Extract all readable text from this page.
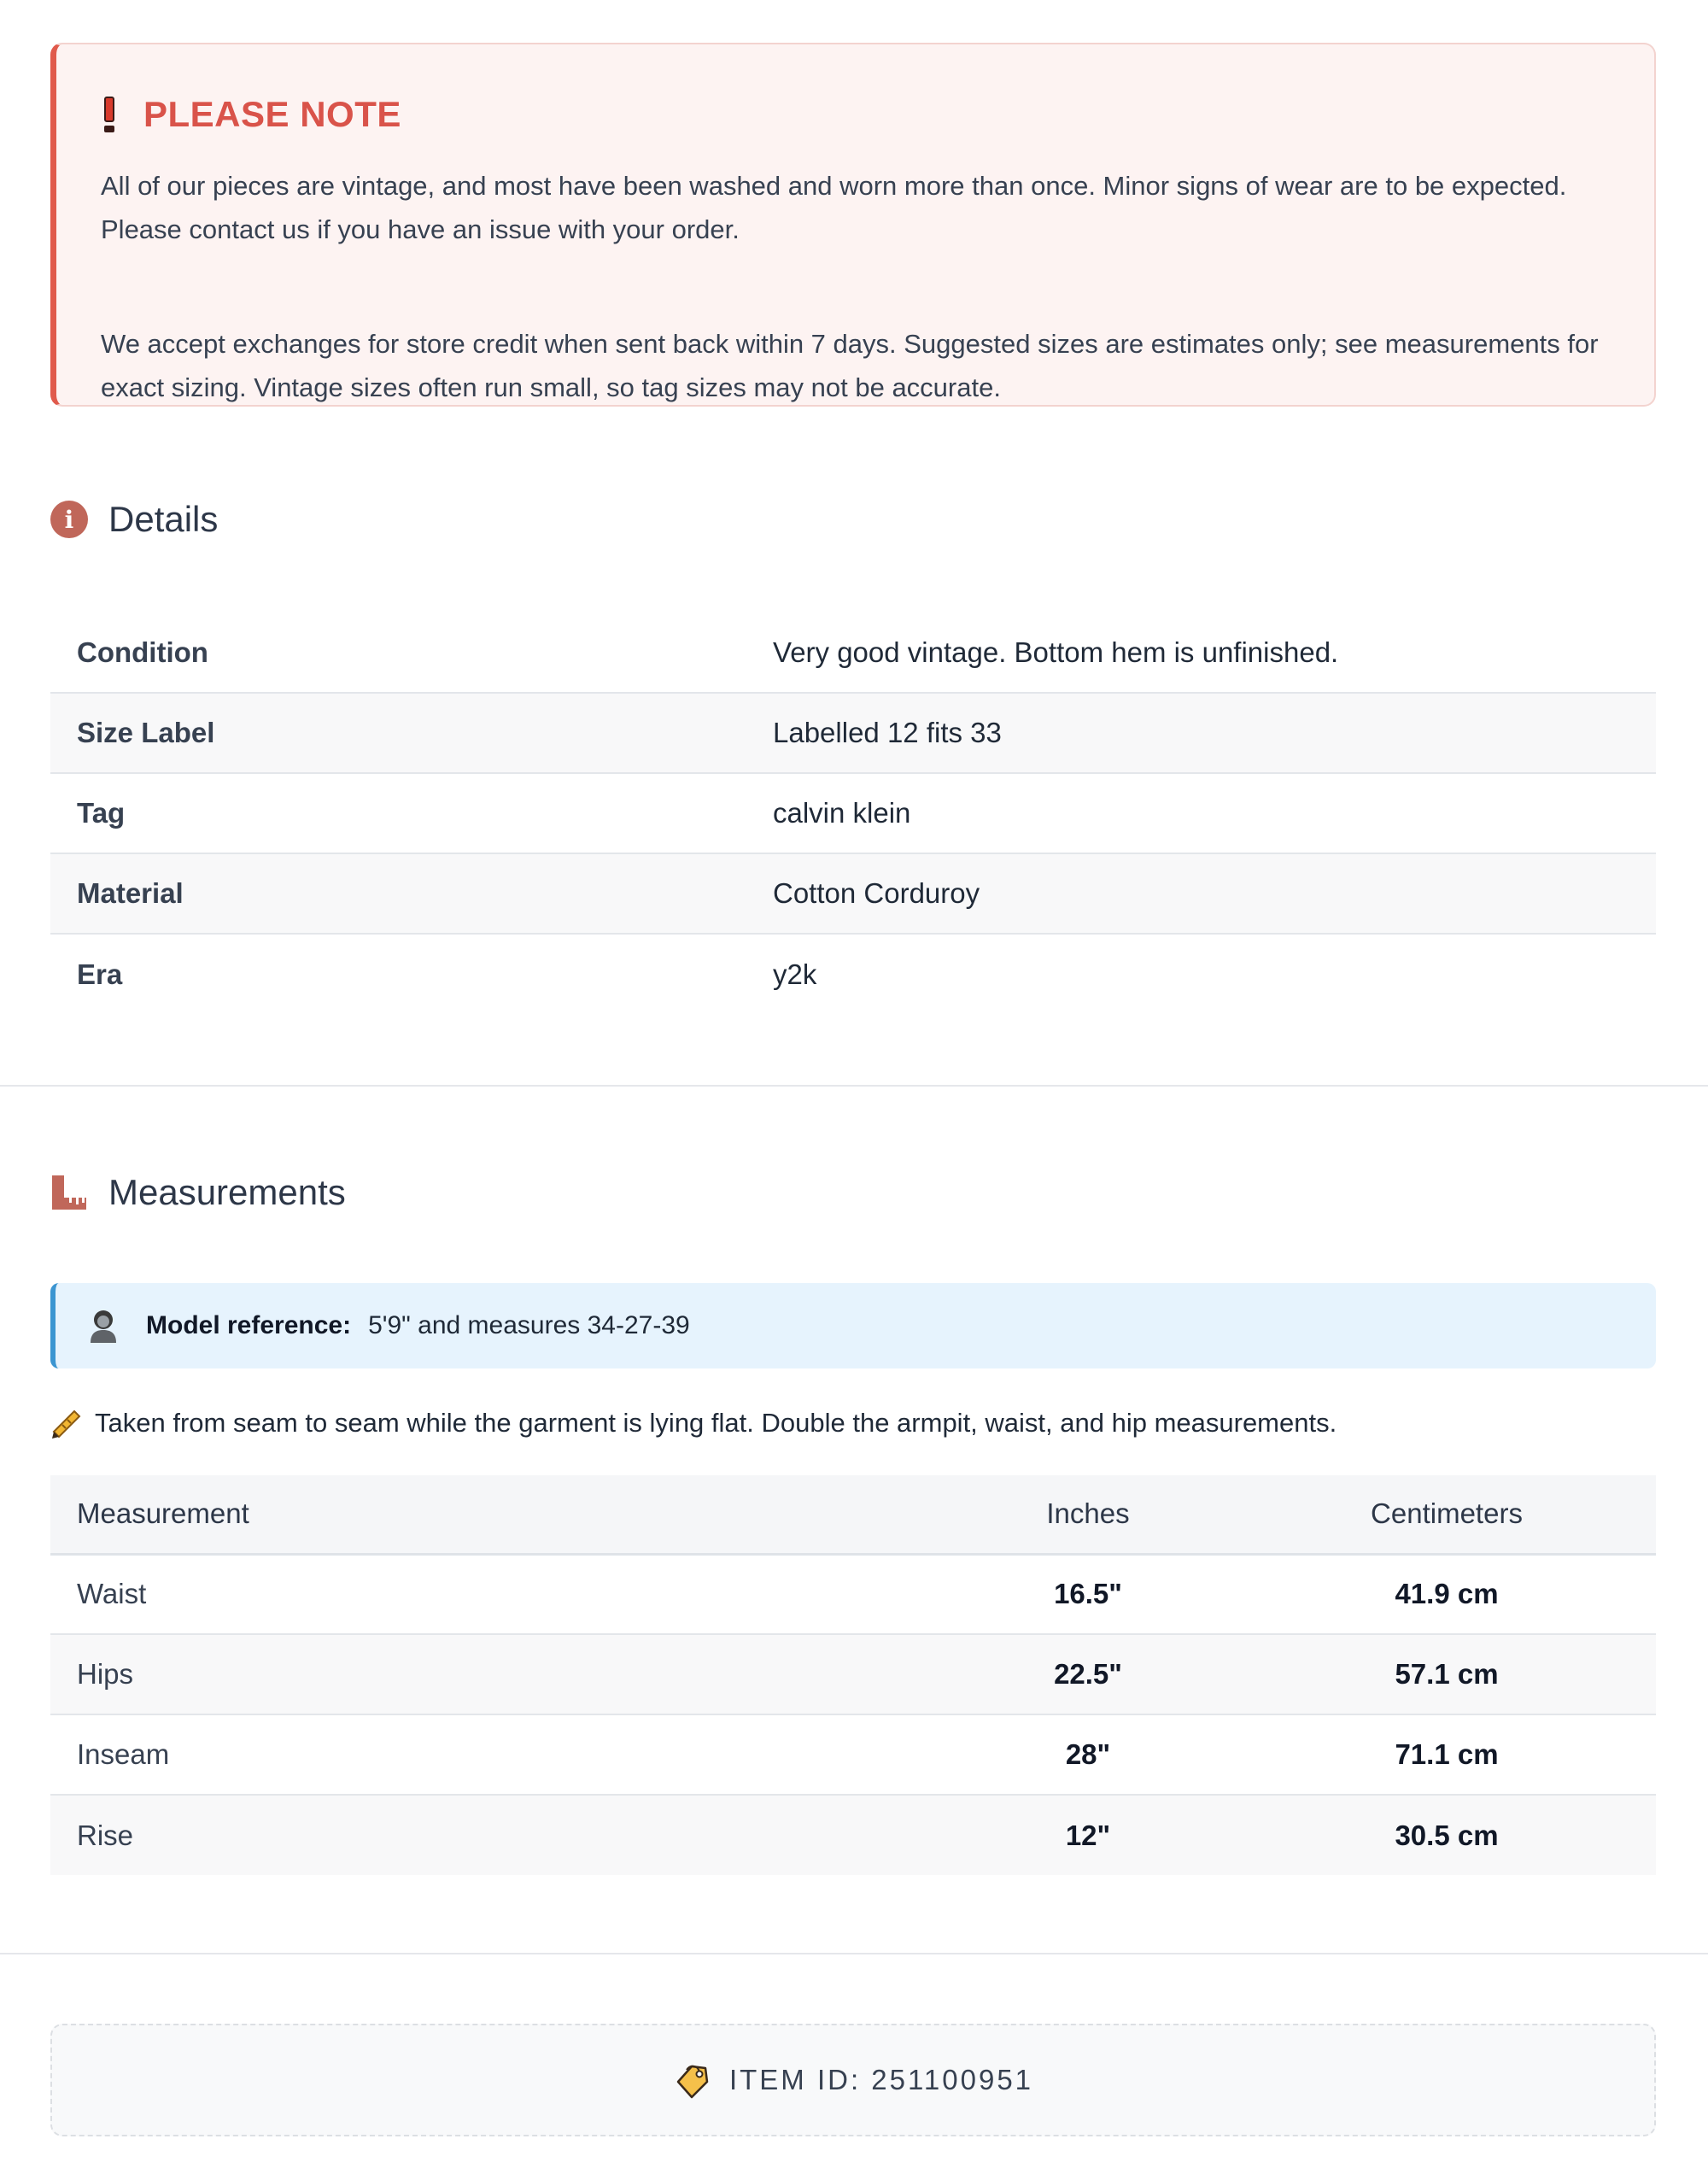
PLEASE NOTE

All of our pieces are vintage, and most have been washed and worn more than once. Minor signs of wear are to be expected. Please contact us if you have an issue with your order.

We accept exchanges for store credit when sent back within 7 days. Suggested sizes are estimates only; see measurements for exact sizing. Vintage sizes often run small, so tag sizes may not be accurate.

i Details
Condition	Very good vintage. Bottom hem is unfinished.
Size Label	Labelled 12 fits 33
Tag	calvin klein
Material	Cotton Corduroy
Era	y2k
Measurements
Model reference: 5'9" and measures 34-27-39
Taken from seam to seam while the garment is lying flat. Double the armpit, waist, and hip measurements.
Measurement	Inches	Centimeters
Waist	16.5"	41.9 cm
Hips	22.5"	57.1 cm
Inseam	28"	71.1 cm
Rise	12"	30.5 cm
ITEM ID: 251100951
